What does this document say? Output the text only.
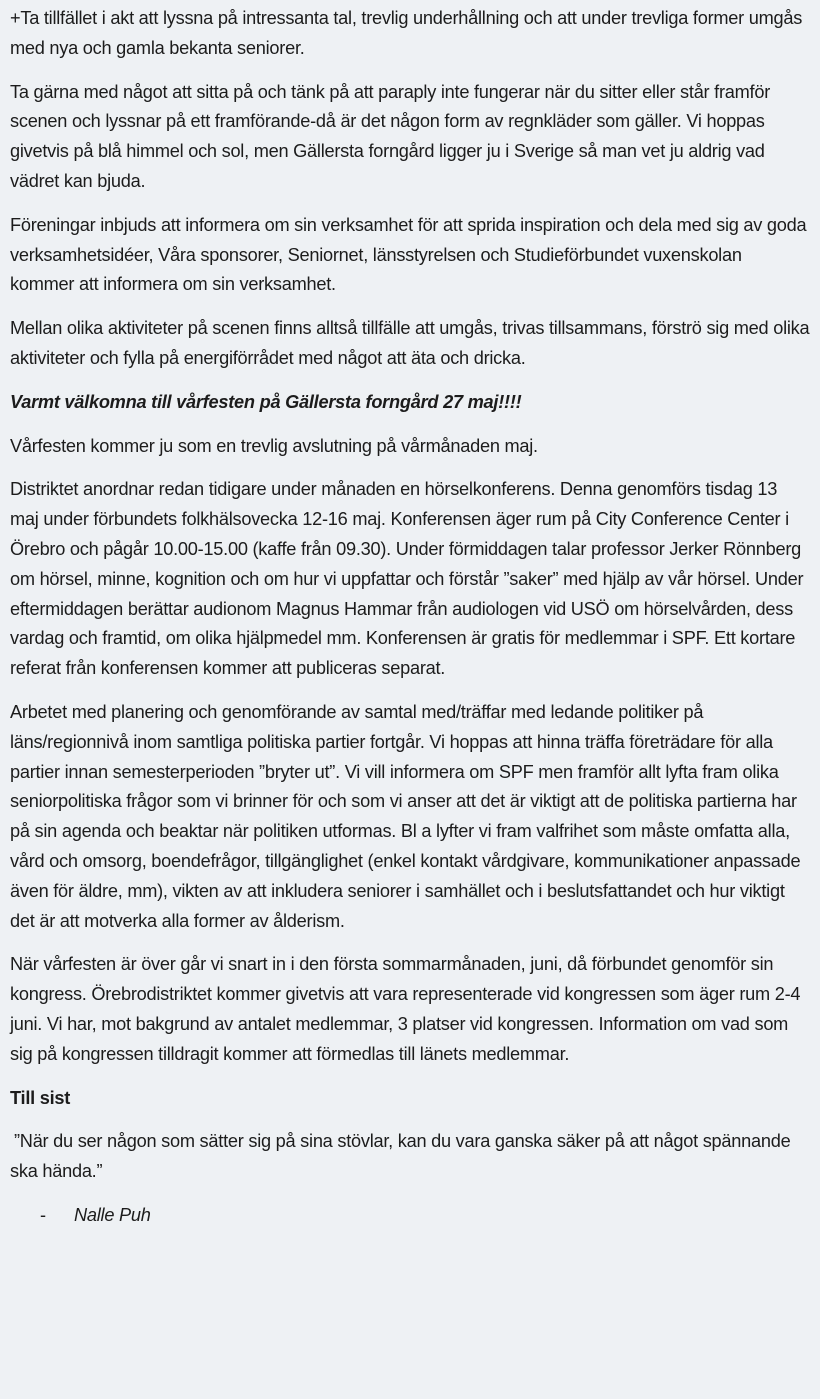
+Ta tillfället i akt att lyssna på intressanta tal, trevlig underhållning och att under trevliga former umgås med nya och gamla bekanta seniorer.

Ta gärna med något att sitta på och tänk på att paraply inte fungerar när du sitter eller står framför scenen och lyssnar på ett framförande-då är det någon form av regnkläder som gäller. Vi hoppas givetvis på blå himmel och sol, men Gällersta forngård ligger ju i Sverige så man vet ju aldrig vad vädret kan bjuda.

Föreningar inbjuds att informera om sin verksamhet för att sprida inspiration och dela med sig av goda verksamhetsidéer, Våra sponsorer, Seniornet, länsstyrelsen och Studieförbundet vuxenskolan kommer att informera om sin verksamhet.

Mellan olika aktiviteter på scenen finns alltså tillfälle att umgås, trivas tillsammans, förströ sig med olika aktiviteter och fylla på energiförrådet med något att äta och dricka.

Varmt välkomna till vårfesten på Gällersta forngård 27 maj!!!!

Vårfesten kommer ju som en trevlig avslutning på vårmånaden maj.

Distriktet anordnar redan tidigare under månaden en hörselkonferens. Denna genomförs tisdag 13 maj under förbundets folkhälsovecka 12-16 maj. Konferensen äger rum på City Conference Center i Örebro och pågår 10.00-15.00 (kaffe från 09.30). Under förmiddagen talar professor Jerker Rönnberg om hörsel, minne, kognition och om hur vi uppfattar och förstår ”saker” med hjälp av vår hörsel. Under eftermiddagen berättar audionom Magnus Hammar från audiologen vid USÖ om hörselvården, dess vardag och framtid, om olika hjälpmedel mm. Konferensen är gratis för medlemmar i SPF. Ett kortare referat från konferensen kommer att publiceras separat.

Arbetet med planering och genomförande av samtal med/träffar med ledande politiker på läns/regionnivå inom samtliga politiska partier fortgår. Vi hoppas att hinna träffa företrädare för alla partier innan semesterperioden ”bryter ut”. Vi vill informera om SPF men framför allt lyfta fram olika seniorpolitiska frågor som vi brinner för och som vi anser att det är viktigt att de politiska partierna har på sin agenda och beaktar när politiken utformas. Bl a lyfter vi fram valfrihet som måste omfatta alla, vård och omsorg, boendefrågor, tillgänglighet (enkel kontakt vårdgivare, kommunikationer anpassade även för äldre, mm), vikten av att inkludera seniorer i samhället och i beslutsfattandet och hur viktigt det är att motverka alla former av ålderism.

När vårfesten är över går vi snart in i den första sommarmånaden, juni, då förbundet genomför sin kongress. Örebrodistriktet kommer givetvis att vara representerade vid kongressen som äger rum 2-4 juni. Vi har, mot bakgrund av antalet medlemmar, 3 platser vid kongressen. Information om vad som sig på kongressen tilldragit kommer att förmedlas till länets medlemmar.

Till sist

”När du ser någon som sätter sig på sina stövlar, kan du vara ganska säker på att något spännande ska hända.”

-	Nalle Puh
